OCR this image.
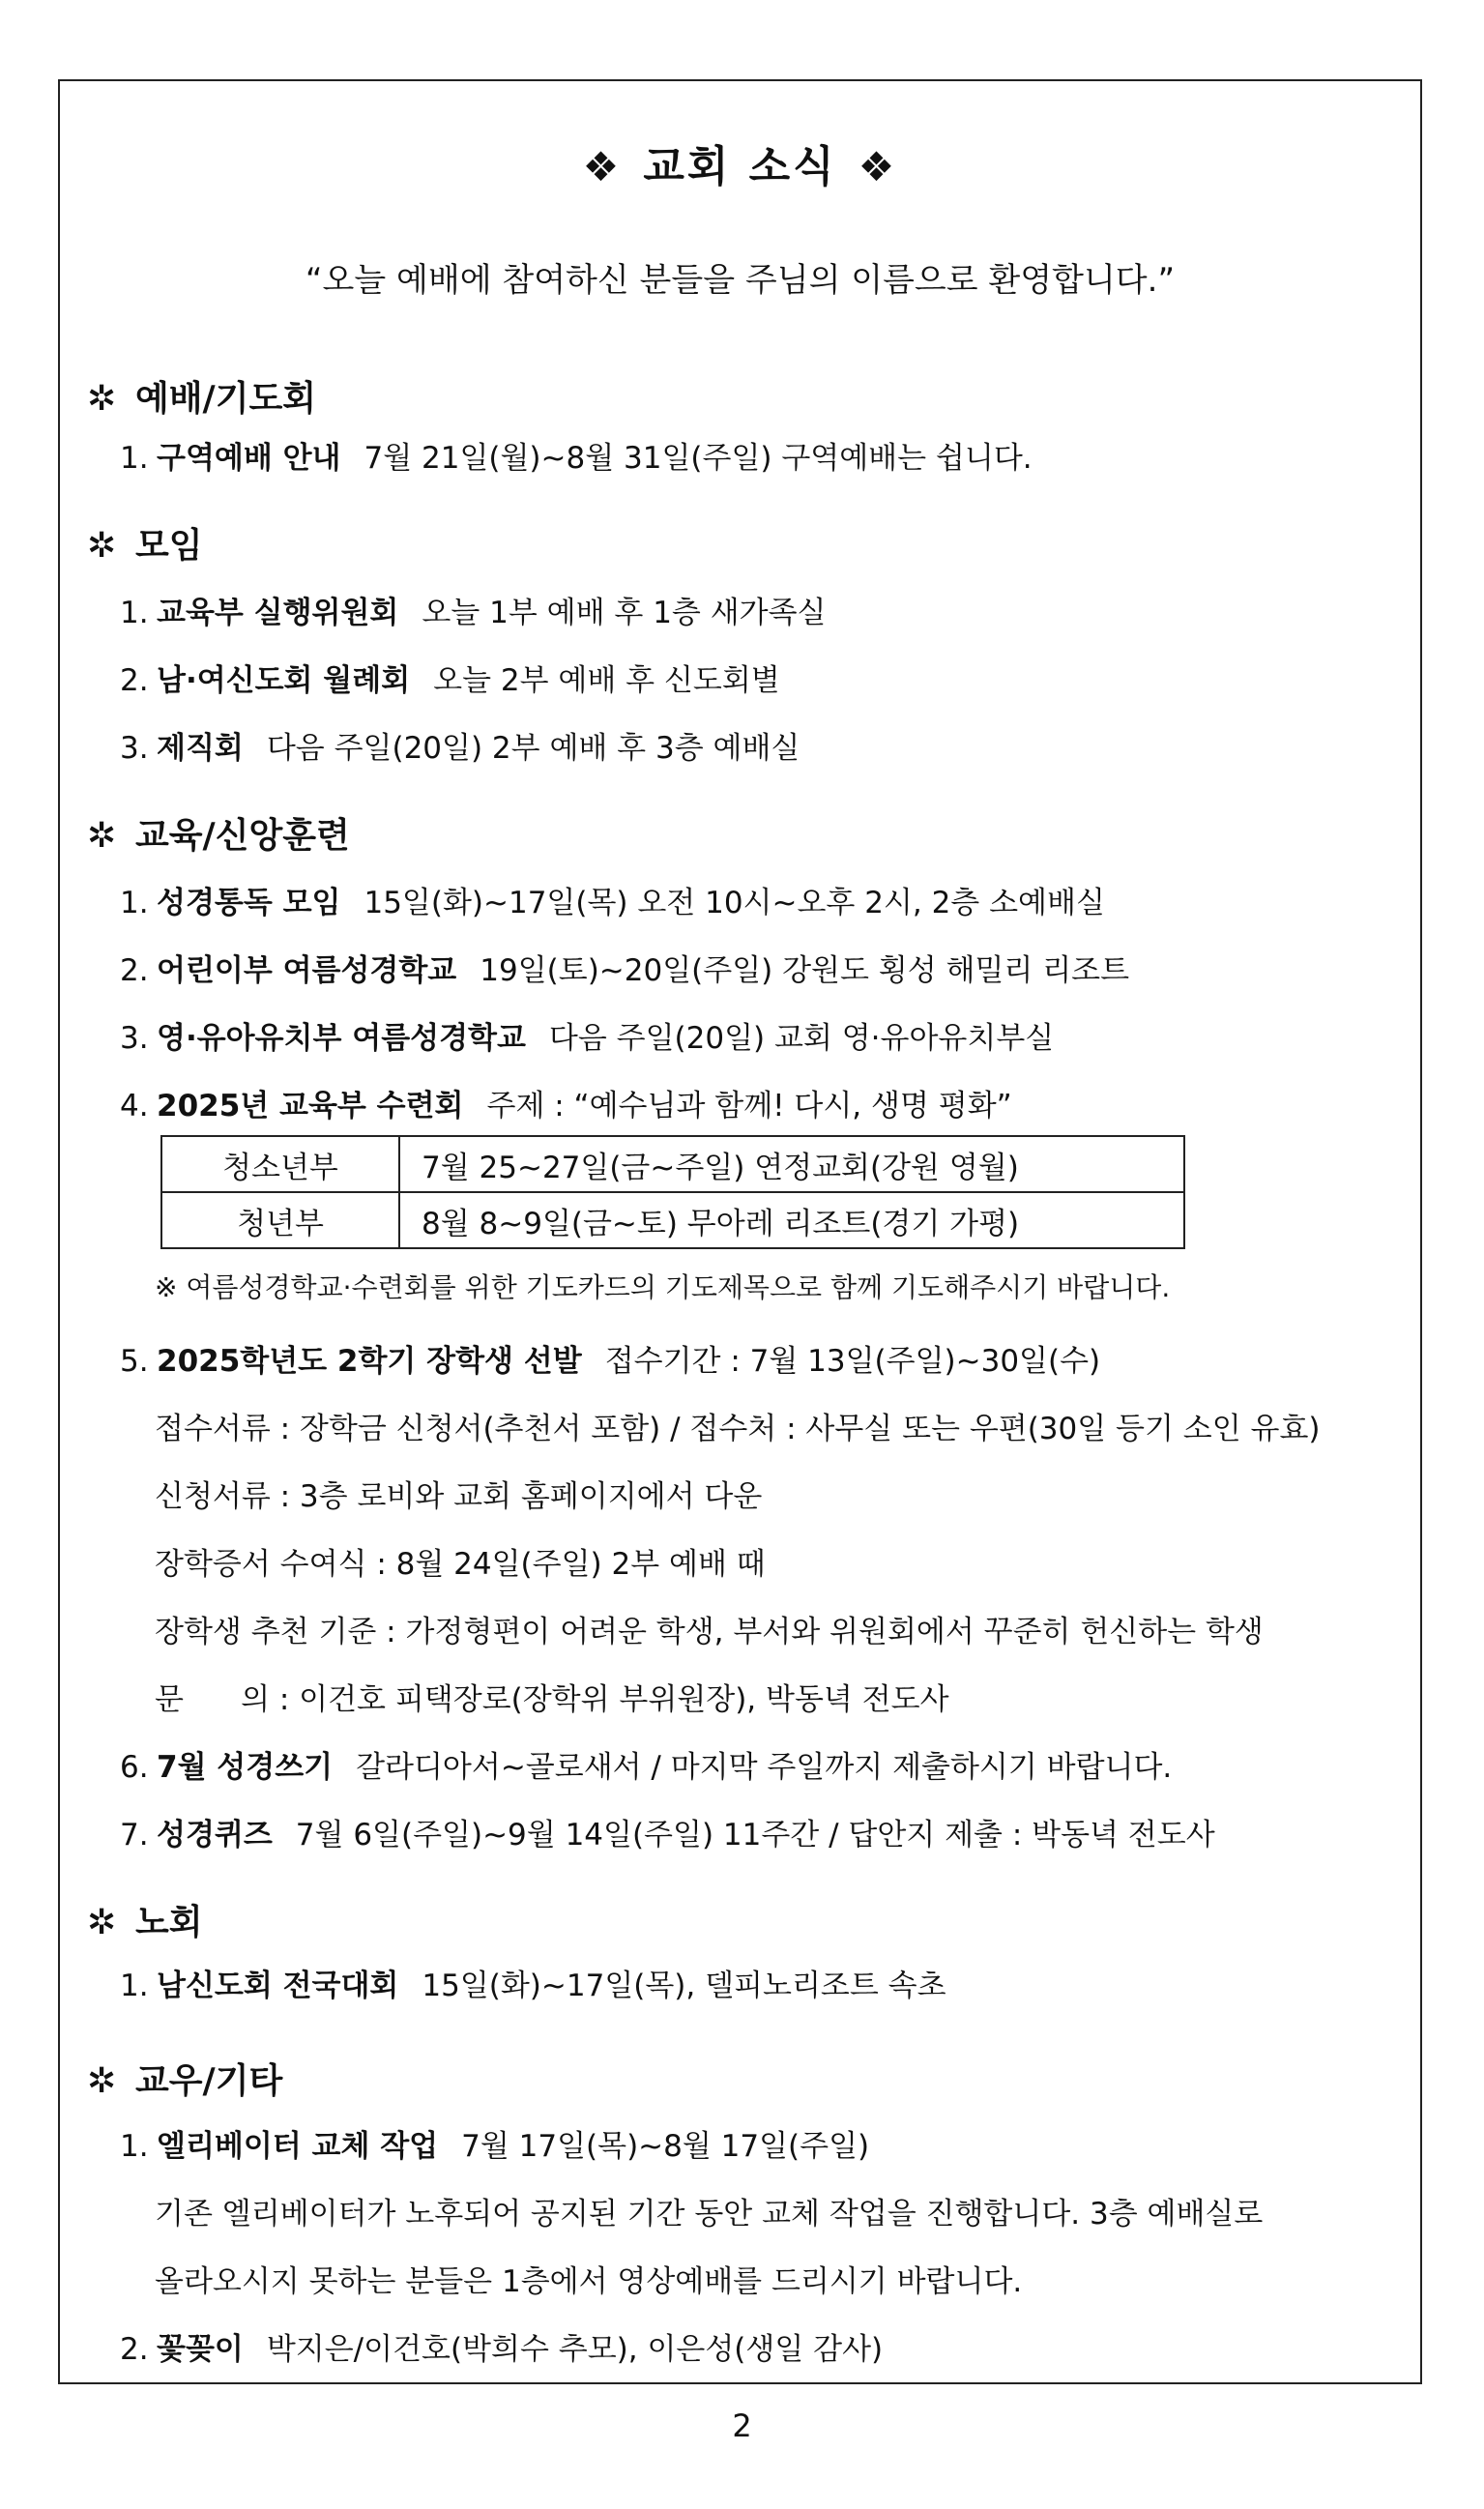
❖ 교회 소식 ❖
“오늘 예배에 참여하신 분들을 주님의 이름으로 환영합니다.”
✲ 예배/기도회
1. 구역예배 안내 7월 21일(월)~8월 31일(주일) 구역예배는 쉽니다.
✲ 모임
1. 교육부 실행위원회 오늘 1부 예배 후 1층 새가족실
2. 남·여신도회 월례회 오늘 2부 예배 후 신도회별
3. 제직회 다음 주일(20일) 2부 예배 후 3층 예배실
✲ 교육/신앙훈련
1. 성경통독 모임 15일(화)~17일(목) 오전 10시~오후 2시, 2층 소예배실
2. 어린이부 여름성경학교 19일(토)~20일(주일) 강원도 횡성 해밀리 리조트
3. 영·유아유치부 여름성경학교 다음 주일(20일) 교회 영·유아유치부실
4. 2025년 교육부 수련회 주제 : “예수님과 함께! 다시, 생명 평화”
청소년부	7월 25~27일(금~주일) 연정교회(강원 영월)
청년부	8월 8~9일(금~토) 무아레 리조트(경기 가평)
※ 여름성경학교·수련회를 위한 기도카드의 기도제목으로 함께 기도해주시기 바랍니다.
5. 2025학년도 2학기 장학생 선발 접수기간 : 7월 13일(주일)~30일(수)
접수서류 : 장학금 신청서(추천서 포함) / 접수처 : 사무실 또는 우편(30일 등기 소인 유효)
신청서류 : 3층 로비와 교회 홈페이지에서 다운
장학증서 수여식 : 8월 24일(주일) 2부 예배 때
장학생 추천 기준 : 가정형편이 어려운 학생, 부서와 위원회에서 꾸준히 헌신하는 학생
문      의 : 이건호 피택장로(장학위 부위원장), 박동녁 전도사
6. 7월 성경쓰기 갈라디아서~골로새서 / 마지막 주일까지 제출하시기 바랍니다.
7. 성경퀴즈 7월 6일(주일)~9월 14일(주일) 11주간 / 답안지 제출 : 박동녁 전도사
✲ 노회
1. 남신도회 전국대회 15일(화)~17일(목), 델피노리조트 속초
✲ 교우/기타
1. 엘리베이터 교체 작업 7월 17일(목)~8월 17일(주일)
기존 엘리베이터가 노후되어 공지된 기간 동안 교체 작업을 진행합니다. 3층 예배실로
올라오시지 못하는 분들은 1층에서 영상예배를 드리시기 바랍니다.
2. 꽃꽂이 박지은/이건호(박희수 추모), 이은성(생일 감사)
2
